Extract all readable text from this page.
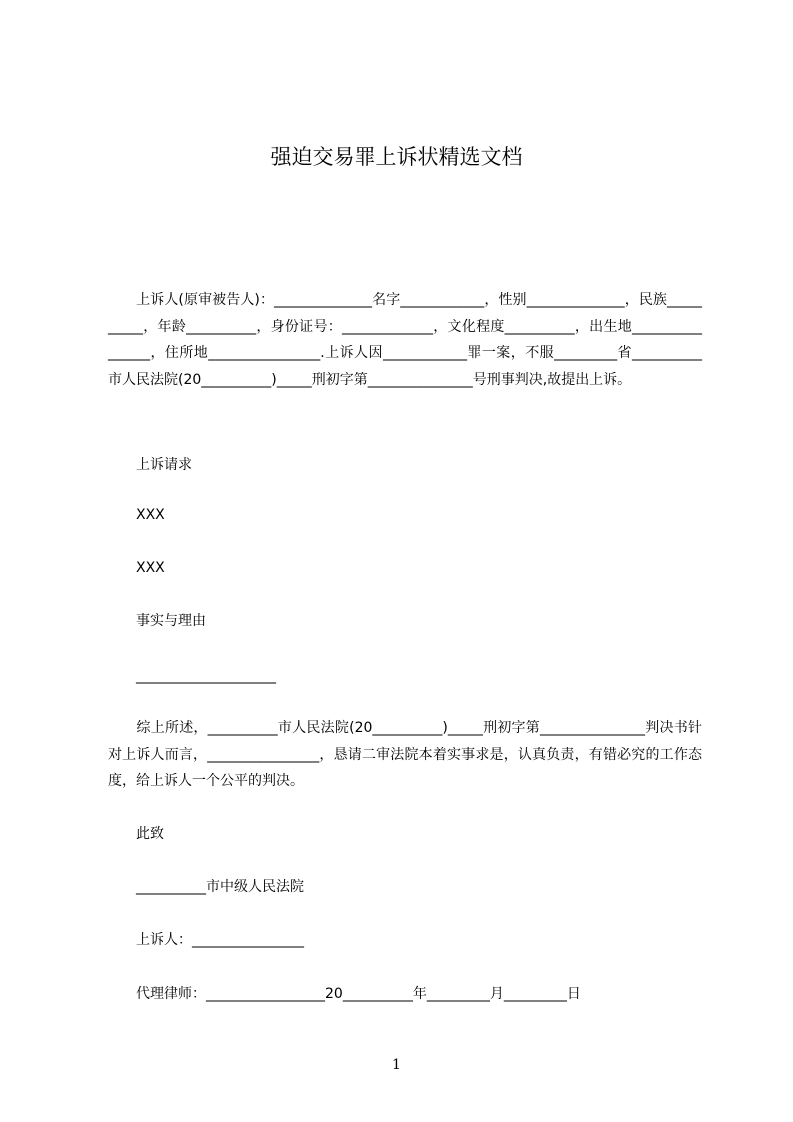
强迫交易罪上诉状精选文档
　　上诉人(原审被告人)：______________名字____________，性别______________，民族__________，年龄__________，身份证号：_____________，文化程度__________，出生地________________，住所地________________.上诉人因____________罪一案，不服_________省__________市人民法院(20__________)_____刑初字第_______________号刑事判决,故提出上诉。
上诉请求
XXX
XXX
事实与理由
____________________
　　综上所述，__________市人民法院(20__________)_____刑初字第_______________判决书针对上诉人而言，________________，恳请二审法院本着实事求是，认真负责，有错必究的工作态度，给上诉人一个公平的判决。
此致
__________市中级人民法院
上诉人：________________
代理律师：_________________20__________年_________月_________日
1
